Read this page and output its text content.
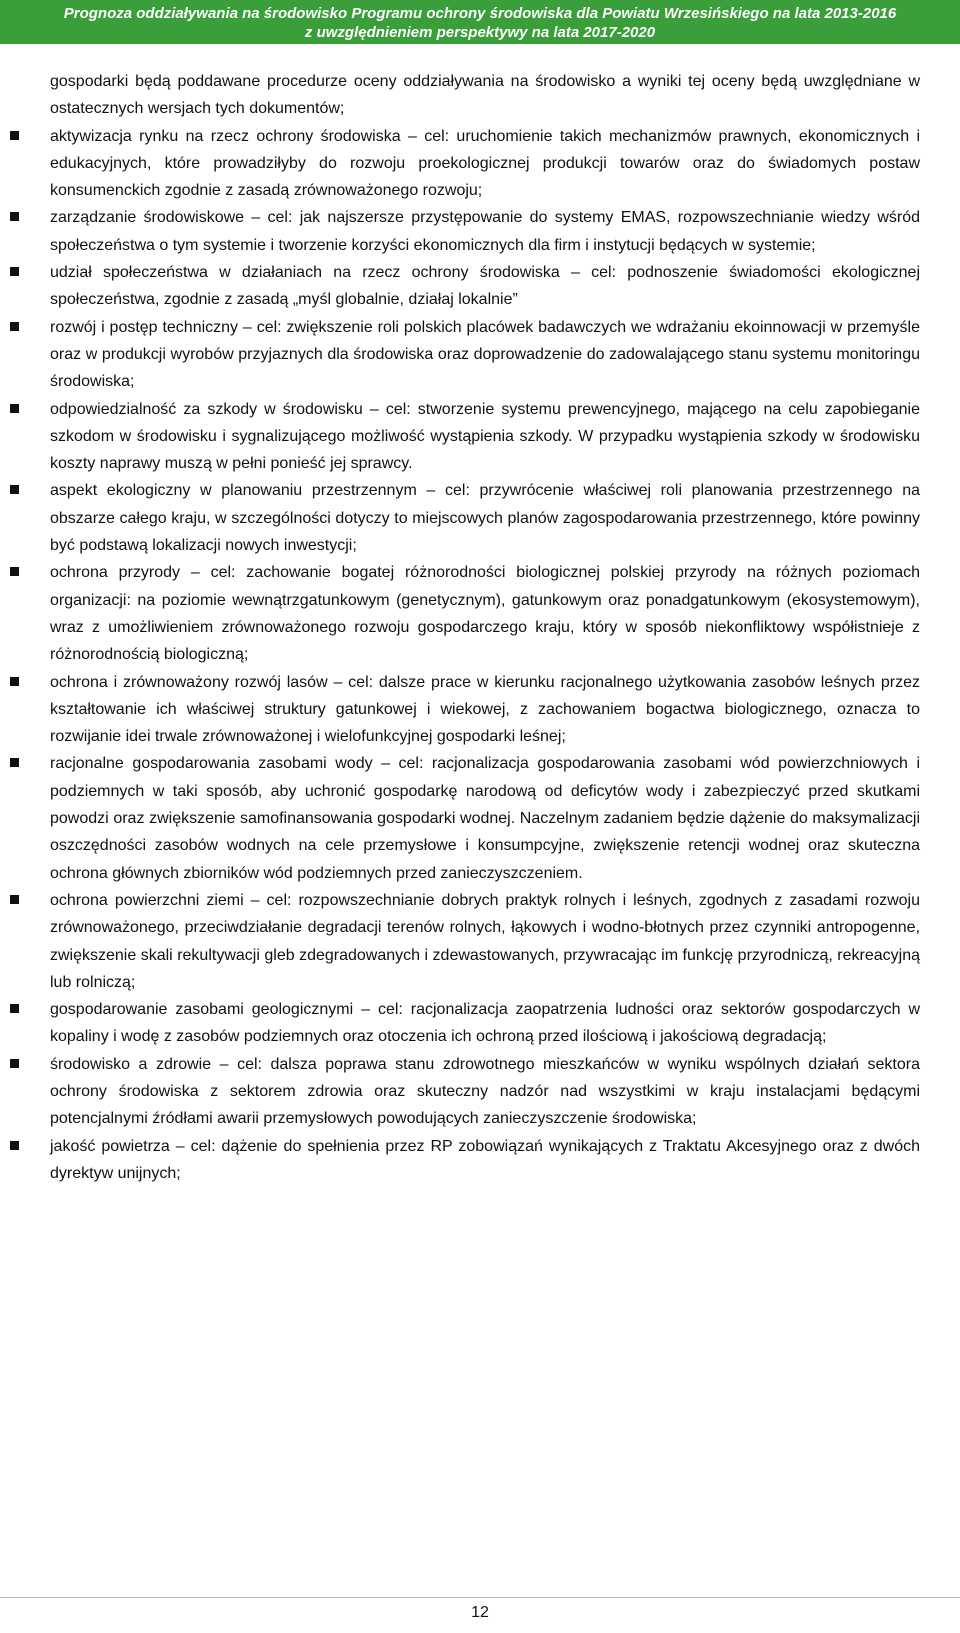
Prognoza oddziaływania na środowisko Programu ochrony środowiska dla Powiatu Wrzesińskiego na lata 2013-2016
z uwzględnieniem perspektywy na lata 2017-2020

gospodarki będą poddawane procedurze oceny oddziaływania na środowisko a wyniki tej oceny będą uwzględniane w ostatecznych wersjach tych dokumentów;

aktywizacja rynku na rzecz ochrony środowiska – cel: uruchomienie takich mechanizmów prawnych, ekonomicznych i edukacyjnych, które prowadziłyby do rozwoju proekologicznej produkcji towarów oraz do świadomych postaw konsumenckich zgodnie z zasadą zrównoważonego rozwoju;
zarządzanie środowiskowe – cel: jak najszersze przystępowanie do systemy EMAS, rozpowszechnianie wiedzy wśród społeczeństwa o tym systemie i tworzenie korzyści ekonomicznych dla firm i instytucji będących w systemie;
udział społeczeństwa w działaniach na rzecz ochrony środowiska – cel: podnoszenie świadomości ekologicznej społeczeństwa, zgodnie z zasadą „myśl globalnie, działaj lokalnie”
rozwój i postęp techniczny – cel: zwiększenie roli polskich placówek badawczych we wdrażaniu ekoinnowacji w przemyśle oraz w produkcji wyrobów przyjaznych dla środowiska oraz doprowadzenie do zadowalającego stanu systemu monitoringu środowiska;
odpowiedzialność za szkody w środowisku – cel: stworzenie systemu prewencyjnego, mającego na celu zapobieganie szkodom w środowisku i sygnalizującego możliwość wystąpienia szkody. W przypadku wystąpienia szkody w środowisku koszty naprawy muszą w pełni ponieść jej sprawcy.
aspekt ekologiczny w planowaniu przestrzennym – cel: przywrócenie właściwej roli planowania przestrzennego na obszarze całego kraju, w szczególności dotyczy to miejscowych planów zagospodarowania przestrzennego, które powinny być podstawą lokalizacji nowych inwestycji;
ochrona przyrody – cel: zachowanie bogatej różnorodności biologicznej polskiej przyrody na różnych poziomach organizacji: na poziomie wewnątrzgatunkowym (genetycznym), gatunkowym oraz ponadgatunkowym (ekosystemowym), wraz z umożliwieniem zrównoważonego rozwoju gospodarczego kraju, który w sposób niekonfliktowy współistnieje z różnorodnością biologiczną;
ochrona i zrównoważony rozwój lasów – cel: dalsze prace w kierunku racjonalnego użytkowania zasobów leśnych przez kształtowanie ich właściwej struktury gatunkowej i wiekowej, z zachowaniem bogactwa biologicznego, oznacza to rozwijanie idei trwale zrównoważonej i wielofunkcyjnej gospodarki leśnej;
racjonalne gospodarowania zasobami wody – cel: racjonalizacja gospodarowania zasobami wód powierzchniowych i podziemnych w taki sposób, aby uchronić gospodarkę narodową od deficytów wody i zabezpieczyć przed skutkami powodzi oraz zwiększenie samofinansowania gospodarki wodnej. Naczelnym zadaniem będzie dążenie do maksymalizacji oszczędności zasobów wodnych na cele przemysłowe i konsumpcyjne, zwiększenie retencji wodnej oraz skuteczna ochrona głównych zbiorników wód podziemnych przed zanieczyszczeniem.
ochrona powierzchni ziemi – cel: rozpowszechnianie dobrych praktyk rolnych i leśnych, zgodnych z zasadami rozwoju zrównoważonego, przeciwdziałanie degradacji terenów rolnych, łąkowych i wodno-błotnych przez czynniki antropogenne, zwiększenie skali rekultywacji gleb zdegradowanych i zdewastowanych, przywracając im funkcję przyrodniczą, rekreacyjną lub rolniczą;
gospodarowanie zasobami geologicznymi – cel: racjonalizacja zaopatrzenia ludności oraz sektorów gospodarczych w kopaliny i wodę z zasobów podziemnych oraz otoczenia ich ochroną przed ilościową i jakościową degradacją;
środowisko a zdrowie – cel: dalsza poprawa stanu zdrowotnego mieszkańców w wyniku wspólnych działań sektora ochrony środowiska z sektorem zdrowia oraz skuteczny nadzór nad wszystkimi w kraju instalacjami będącymi potencjalnymi źródłami awarii przemysłowych powodujących zanieczyszczenie środowiska;
jakość powietrza – cel: dążenie do spełnienia przez RP zobowiązań wynikających z Traktatu Akcesyjnego oraz z dwóch dyrektyw unijnych;
12
